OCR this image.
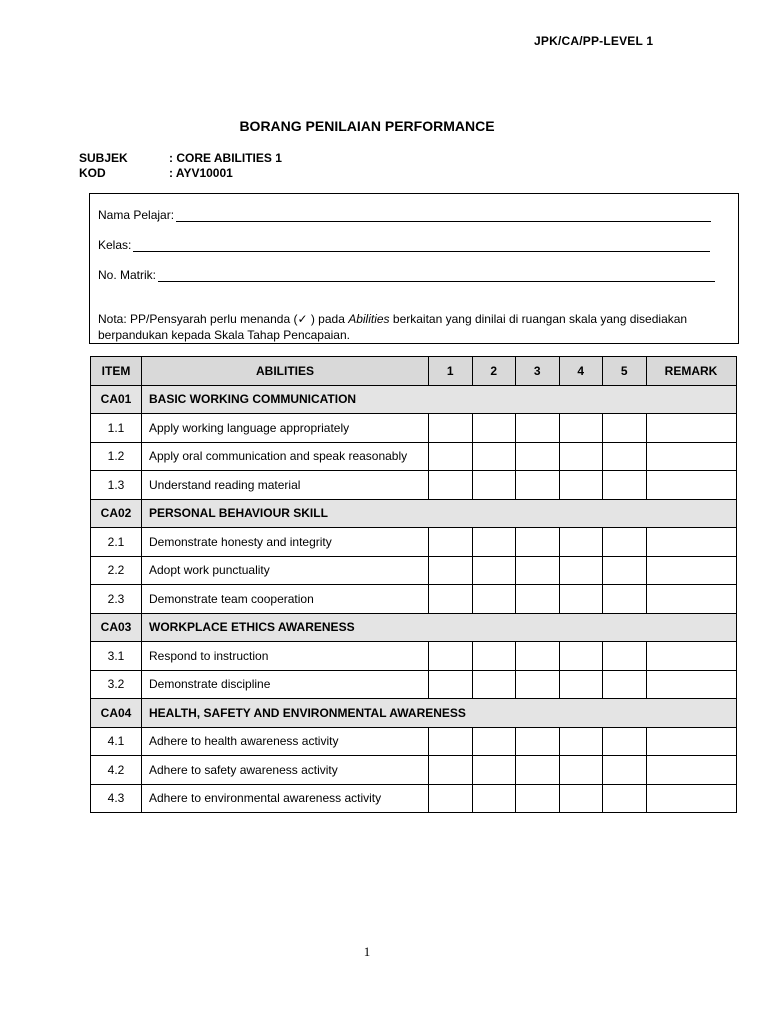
JPK/CA/PP-LEVEL 1
BORANG PENILAIAN PERFORMANCE
SUBJEK	: CORE ABILITIES 1
KOD	: AYV10001
Nama Pelajar:
Kelas:
No. Matrik:
Nota: PP/Pensyarah perlu menanda (✓ ) pada Abilities berkaitan yang dinilai di ruangan skala yang disediakan berpandukan kepada Skala Tahap Pencapaian.
ITEM	ABILITIES	1	2	3	4	5	REMARK
CA01	BASIC WORKING COMMUNICATION						
1.1	Apply working language appropriately						
1.2	Apply oral communication and speak reasonably						
1.3	Understand reading material						
CA02	PERSONAL BEHAVIOUR SKILL						
2.1	Demonstrate honesty and integrity						
2.2	Adopt work punctuality						
2.3	Demonstrate team cooperation						
CA03	WORKPLACE ETHICS AWARENESS						
3.1	Respond to instruction						
3.2	Demonstrate discipline						
CA04	HEALTH, SAFETY AND ENVIRONMENTAL AWARENESS						
4.1	Adhere to health awareness activity						
4.2	Adhere to safety awareness activity						
4.3	Adhere to environmental awareness activity						
1
